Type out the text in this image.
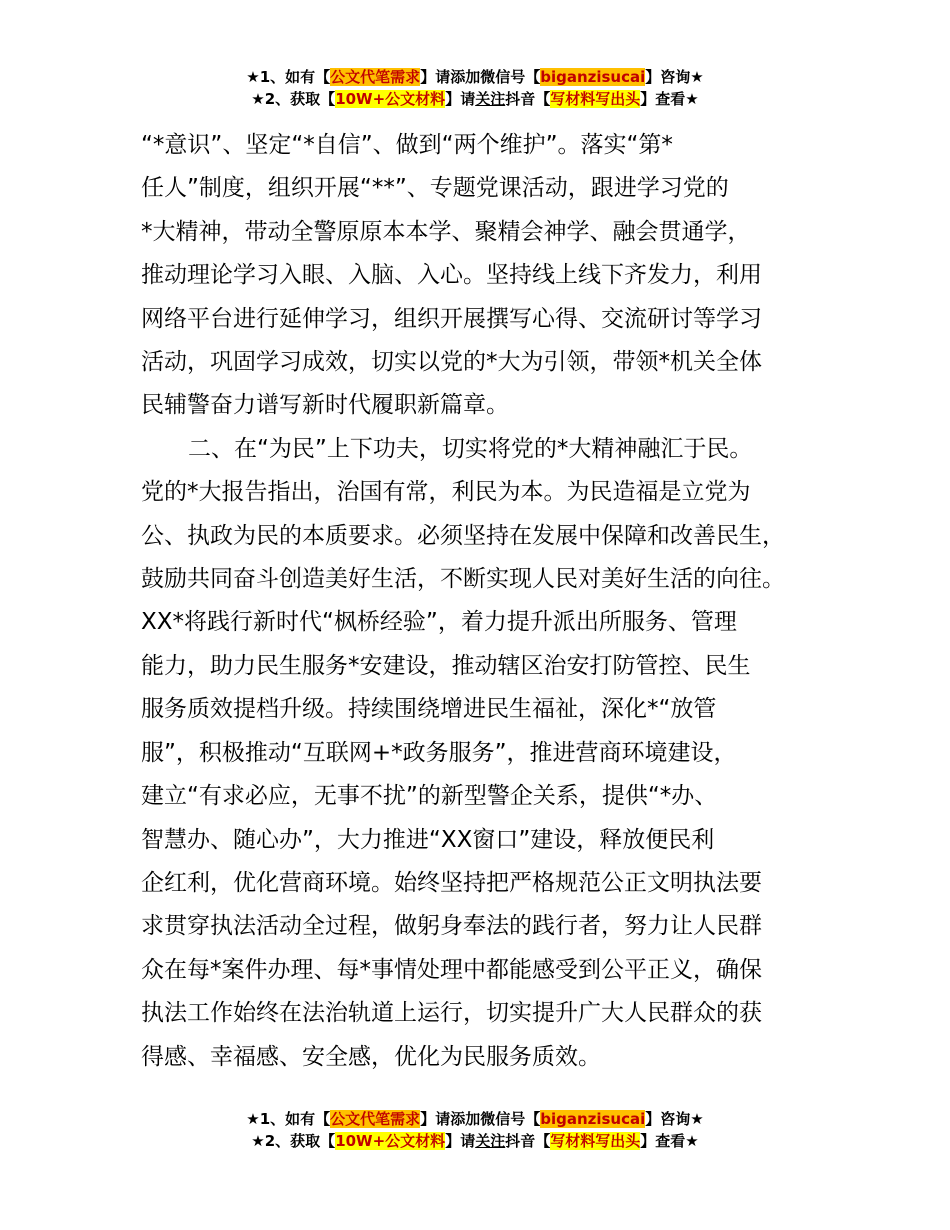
★1、如有【公文代笔需求】请添加微信号【biganzisucai】咨询★
★2、获取【10W+公文材料】请关注抖音【写材料写出头】查看★

“*意识”、坚定“*自信”、做到“两个维护”。落实“第*
任人”制度，组织开展“**”、专题党课活动，跟进学习党的
*大精神，带动全警原原本本学、聚精会神学、融会贯通学，
推动理论学习入眼、入脑、入心。坚持线上线下齐发力，利用
网络平台进行延伸学习，组织开展撰写心得、交流研讨等学习
活动，巩固学习成效，切实以党的*大为引领，带领*机关全体
民辅警奋力谱写新时代履职新篇章。

二、在“为民”上下功夫，切实将党的*大精神融汇于民。
党的*大报告指出，治国有常，利民为本。为民造福是立党为
公、执政为民的本质要求。必须坚持在发展中保障和改善民生，
鼓励共同奋斗创造美好生活，不断实现人民对美好生活的向往。
XX*将践行新时代“枫桥经验”，着力提升派出所服务、管理
能力，助力民生服务*安建设，推动辖区治安打防管控、民生
服务质效提档升级。持续围绕增进民生福祉，深化*“放管
服”，积极推动“互联网+*政务服务”，推进营商环境建设，
建立“有求必应，无事不扰”的新型警企关系，提供“*办、
智慧办、随心办”，大力推进“XX窗口”建设，释放便民利
企红利，优化营商环境。始终坚持把严格规范公正文明执法要
求贯穿执法活动全过程，做躬身奉法的践行者，努力让人民群
众在每*案件办理、每*事情处理中都能感受到公平正义，确保
执法工作始终在法治轨道上运行，切实提升广大人民群众的获
得感、幸福感、安全感，优化为民服务质效。

★1、如有【公文代笔需求】请添加微信号【biganzisucai】咨询★
★2、获取【10W+公文材料】请关注抖音【写材料写出头】查看★
